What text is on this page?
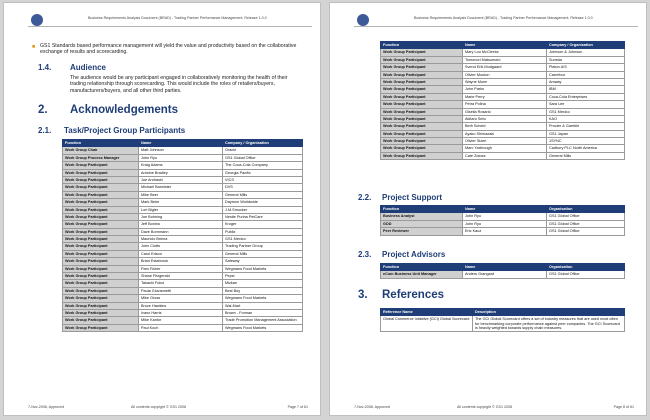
Business Requirements Analysis Document (BRAD) - Trading Partner Performance Management, Release 1.0.0
■ GS1 Standards based performance management will yield the value and productivity based on the collaborative exchange of results and scorecarding.
1.4. Audience
The audience would be any participant engaged in collaboratively monitoring the health of their trading relationship through scorecarding. This would include the roles of retailers/buyers, manufacturers/buyers, and all other third parties.
2. Acknowledgements
2.1. Task/Project Group Participants
Function	Name	Company / Organisation
Work Group Chair	Matt Johnson	Oracle
Work Group Process Manager	John Ryu	GS1 Global Office
Work Group Participant	Kraig Adams	The Coca-Cola Company
Work Group Participant	Antoine Bradley	Georgia Pacific
Work Group Participant	Joe Andraski	VICS
Work Group Participant	Michael Bannister	DVS
Work Group Participant	Mike Beer	General Mills
Work Group Participant	Mark Beier	Daymon Worldwide
Work Group Participant	Lori Bigler	J.M.Smucker
Work Group Participant	Joe Bohning	Nestle Purina PetCare
Work Group Participant	Jeff Bonino	Kroger
Work Group Participant	Dave Bornmann	Publix
Work Group Participant	Mauricio Briena	GS1 Mexico
Work Group Participant	John Clutts	Trading Partner Group
Work Group Participant	Carol Edson	General Mills
Work Group Participant	Brian Estabrook	Safeway
Work Group Participant	Pam Fisher	Wegmans Food Markets
Work Group Participant	Shane Fitzgerald	Pepsi
Work Group Participant	Takashi Fukui	Mizkan
Work Group Participant	Paula Giovannetti	Best Buy
Work Group Participant	Mike Gross	Wegmans Food Markets
Work Group Participant	Bruce Hawkins	Wal-Mart
Work Group Participant	Ivano Harris	Brown - Forman
Work Group Participant	Mike Kantor	Trade Promotion Management Association
Work Group Participant	Paul Koch	Wegmans Food Markets
7-Nov-2008, Approved	All contents copyright © GS1 2008	Page 7 of 61
Business Requirements Analysis Document (BRAD) - Trading Partner Performance Management, Release 1.0.0
Function	Name	Company / Organisation
Work Group Participant	Mary Lou McCleese	Johnson & Johnson
Work Group Participant	Tomonori Matsumoto	Sunstar
Work Group Participant	Svend Erik Modgaard	Platon A/S
Work Group Participant	Olivier Mouton	Carrefour
Work Group Participant	Wayne Munn	Amway
Work Group Participant	John Parks	IBM
Work Group Participant	Marie Perry	Coca-Cola Enterprises
Work Group Participant	Petra Polina	Sara Lee
Work Group Participant	Gisella Rosario	GS1 Mexico
Work Group Participant	Akitaro Seto	KAO
Work Group Participant	Beth Scheid	Procter & Gamble
Work Group Participant	Ayako Shimazaki	GS1 Japan
Work Group Participant	Olivier Sizeri	1SYNC
Work Group Participant	Marc Yarbrough	Cadbury PLC North America
Work Group Participant	Cate Zotoss	General Mills
2.2. Project Support
Function	Name	Organisation
Business Analyst	John Ryu	GS1 Global Office
GDD	John Ryu	GS1 Global Office
Peer Reviewer	Eric Kauz	GS1 Global Office
2.3. Project Advisors
Function	Name	Organisation
eCom Business Unit Manager	Anders Grangard	GS1 Global Office
3. References
Reference Name	Description
Global Commerce Initiative (GCI) Global Scorecard	The GCI Global Scorecard offers a set of industry measures that are used most often for benchmarking corporate performance against peer companies. The GCI Scorecard is heavily weighted towards supply chain measures.
7-Nov-2008, Approved	All contents copyright © GS1 2008	Page 8 of 61
